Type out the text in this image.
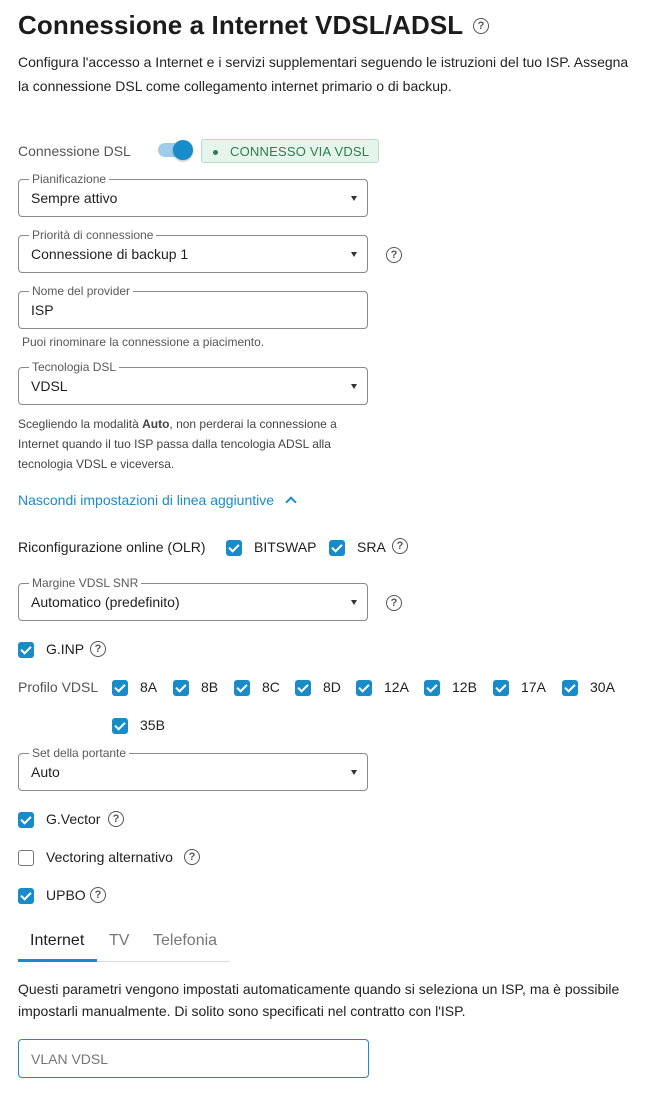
Connessione a Internet VDSL/ADSL	?
Configura l'accesso a Internet e i servizi supplementari seguendo le istruzioni del tuo ISP. Assegna
la connessione DSL come collegamento internet primario o di backup.
Connessione DSL	CONNESSO VIA VDSL
Pianificazione
Sempre attivo
Priorità di connessione
Connessione di backup 1	?
Nome del provider
ISP
Puoi rinominare la connessione a piacimento.
Tecnologia DSL
VDSL
Scegliendo la modalità Auto, non perderai la connessione a
Internet quando il tuo ISP passa dalla tencologia ADSL alla
tecnologia VDSL e viceversa.
Nascondi impostazioni di linea aggiuntive
Riconfigurazione online (OLR)	BITSWAP	SRA ?
Margine VDSL SNR
Automatico (predefinito)	?
G.INP ?
Profilo VDSL	8A	8B	8C	8D	12A	12B	17A	30A
35B
Set della portante
Auto
G.Vector	?
Vectoring alternativo	?
UPBO ?
Internet TV Telefonia
Questi parametri vengono impostati automaticamente quando si seleziona un ISP, ma è possibile
impostarli manualmente. Di solito sono specificati nel contratto con l'ISP.
VLAN VDSL
